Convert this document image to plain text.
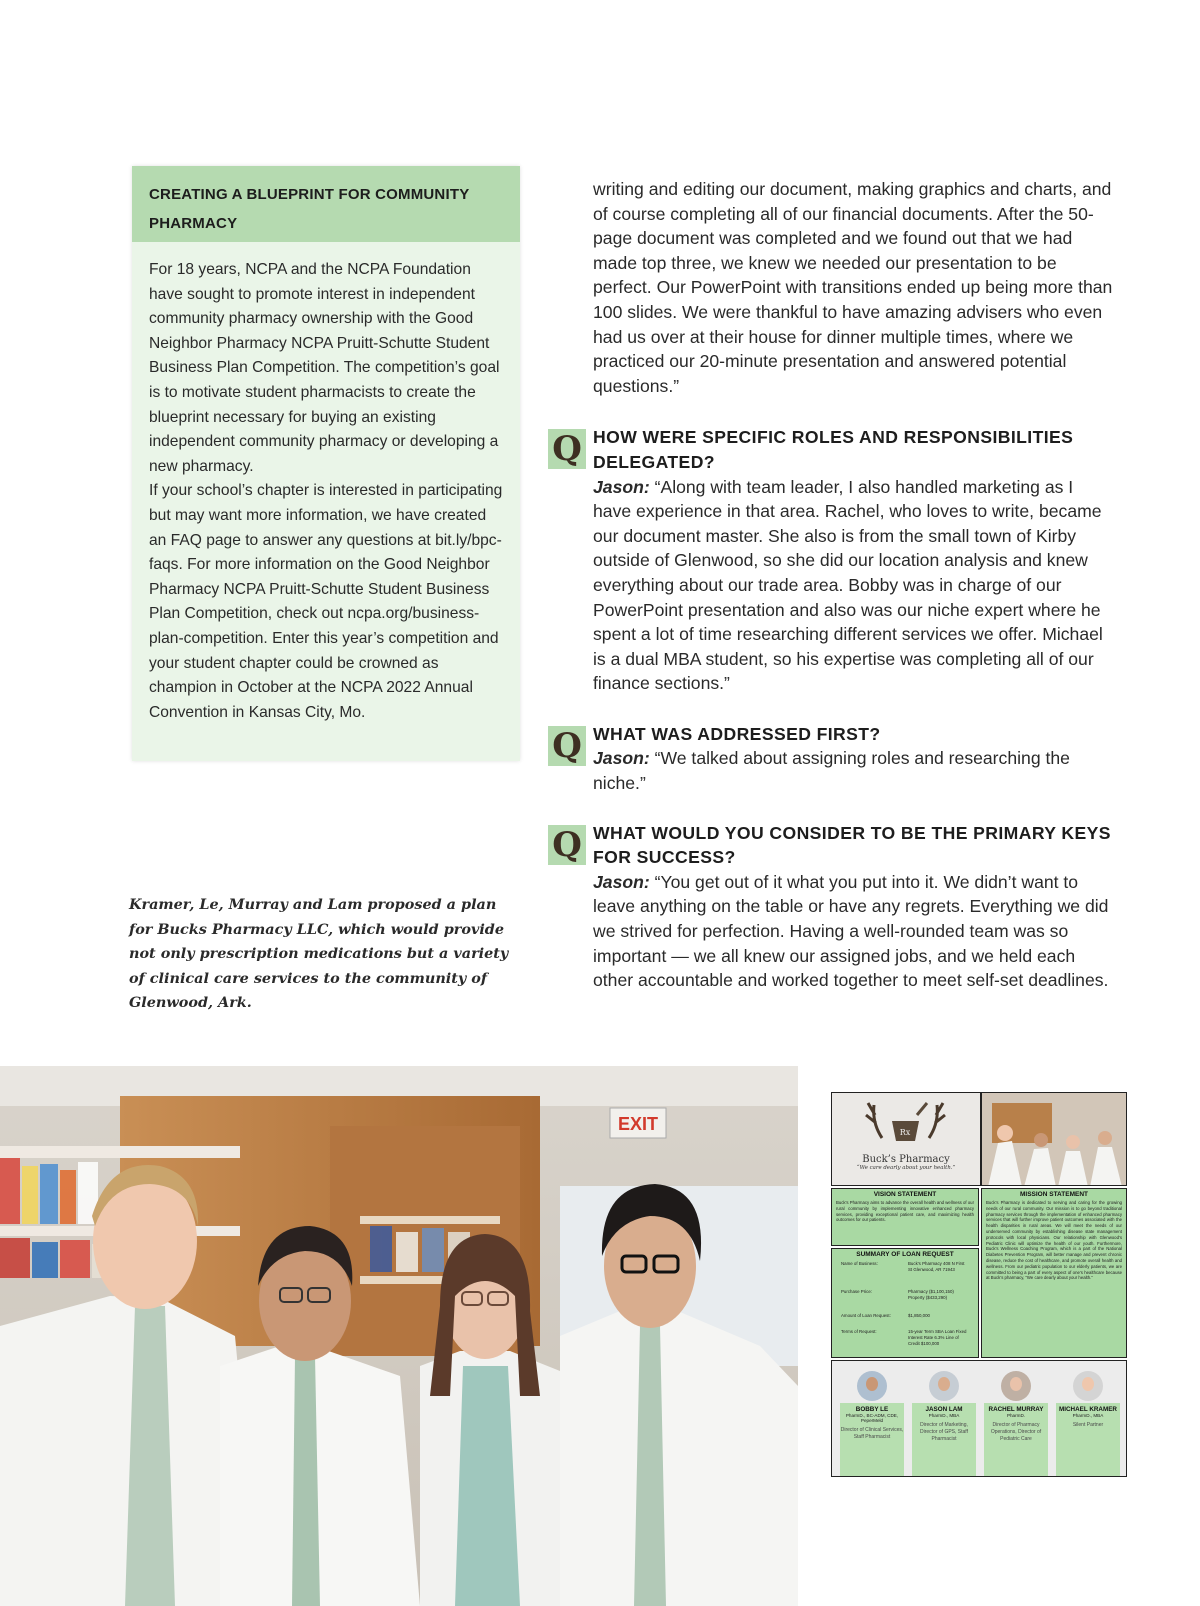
CREATING A BLUEPRINT FOR COMMUNITY PHARMACY

For 18 years, NCPA and the NCPA Foundation have sought to promote interest in independent community pharmacy ownership with the Good Neighbor Pharmacy NCPA Pruitt-Schutte Student Business Plan Competition. The competition’s goal is to motivate student pharmacists to create the blueprint necessary for buying an existing independent community pharmacy or developing a new pharmacy.

If your school’s chapter is interested in participating but may want more information, we have created an FAQ page to answer any questions at bit.ly/bpc-faqs. For more information on the Good Neighbor Pharmacy NCPA Pruitt-Schutte Student Business Plan Competition, check out ncpa.org/business-plan-competition. Enter this year’s competition and your student chapter could be crowned as champion in October at the NCPA 2022 Annual Convention in Kansas City, Mo.

Kramer, Le, Murray and Lam proposed a plan for Bucks Pharmacy LLC, which would provide not only prescription medications but a variety of clinical care services to the community of Glenwood, Ark.

writing and editing our document, making graphics and charts, and of course completing all of our financial documents. After the 50-page document was completed and we found out that we had made top three, we knew we needed our presentation to be perfect. Our PowerPoint with transitions ended up being more than 100 slides. We were thankful to have amazing advisers who even had us over at their house for dinner multiple times, where we practiced our 20-minute presentation and answered potential questions.”

Q HOW WERE SPECIFIC ROLES AND RESPONSIBILITIES DELEGATED?

Jason: “Along with team leader, I also handled marketing as I have experience in that area. Rachel, who loves to write, became our document master. She also is from the small town of Kirby outside of Glenwood, so she did our location analysis and knew everything about our trade area. Bobby was in charge of our PowerPoint presentation and also was our niche expert where he spent a lot of time researching different services we offer. Michael is a dual MBA student, so his expertise was completing all of our finance sections.”

Q WHAT WAS ADDRESSED FIRST?

Jason: “We talked about assigning roles and researching the niche.”

Q WHAT WOULD YOU CONSIDER TO BE THE PRIMARY KEYS FOR SUCCESS?

Jason: “You get out of it what you put into it. We didn’t want to leave anything on the table or have any regrets. Everything we did we strived for perfection. Having a well-rounded team was so important — we all knew our assigned jobs, and we held each other accountable and worked together to meet self-set deadlines.

EXIT	Rx
Buck’s Pharmacy
“We care dearly about your health.”
VISION STATEMENT
Buck’s Pharmacy aims to advance the overall health and wellness of our rural community by implementing innovative enhanced pharmacy services, providing exceptional patient care, and maximizing health outcomes for our patients.
MISSION STATEMENT
Buck’s Pharmacy is dedicated to serving and caring for the growing needs of our rural community. Our mission is to go beyond traditional pharmacy services through the implementation of enhanced pharmacy services that will further improve patient outcomes associated with the health disparities in rural areas. We will meet the needs of our underserved community by establishing disease state management protocols with local physicians. Our relationship with Glenwood’s Pediatric Clinic will optimize the health of our youth. Furthermore, Buck’s Wellness Coaching Program, which is a part of the National Diabetes Prevention Program, will better manage and prevent chronic disease, reduce the cost of healthcare, and promote overall health and wellness. From our pediatric population to our elderly patients, we are committed to being a part of every aspect of one’s healthcare because at Buck’s pharmacy, “We care dearly about your health.”
SUMMARY OF LOAN REQUEST
Name of Business:	Buck’s Pharmacy 408 N First St Glenwood, AR 71943
Purchase Price:	Pharmacy ($1,100,150) Property ($433,290)
Amount of Loan Request:	$1,850,000
Terms of Request:	15-year Term SBA Loan Fixed Interest Rate 6.3% Line of Credit $100,000
BOBBY LE
PharmD., BC-ADM, CDE, PeperMeld
Director of Clinical Services, Staff Pharmacist
JASON LAM
PharmD., MBA
Director of Marketing, Director of GPS, Staff Pharmacist
RACHEL MURRAY
PharmD.
Director of Pharmacy Operations, Director of Pediatric Care
MICHAEL KRAMER
PharmD., MBA
Silent Partner
